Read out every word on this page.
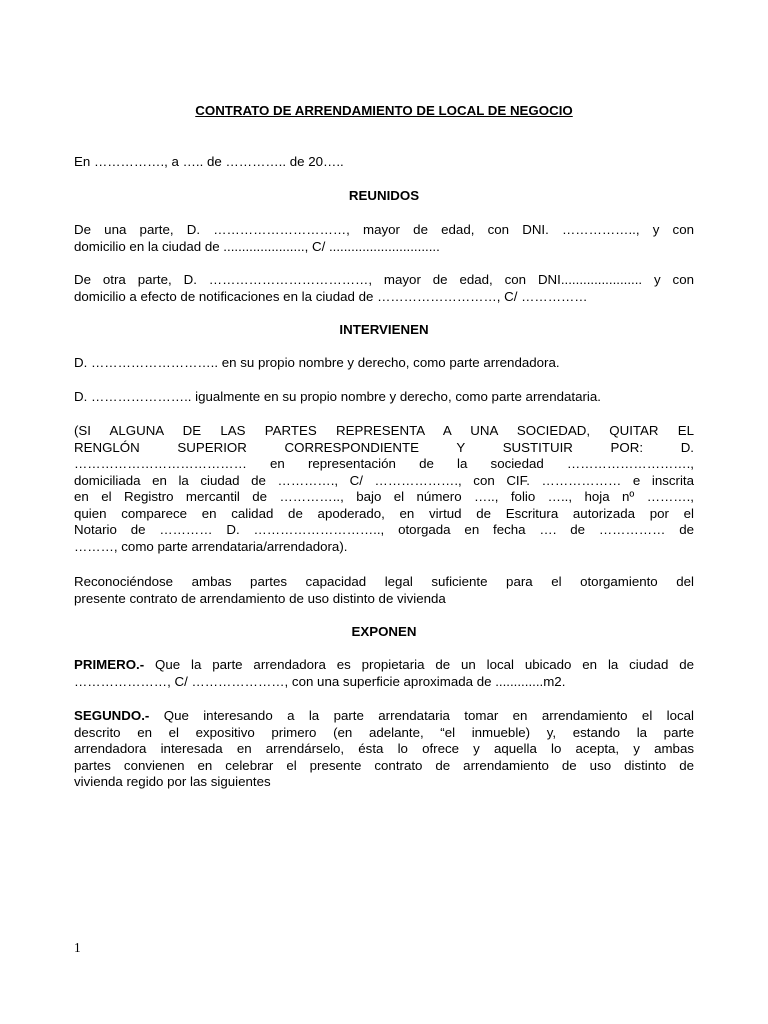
CONTRATO DE ARRENDAMIENTO DE LOCAL DE NEGOCIO
En ……………., a ….. de ………….. de 20…..
REUNIDOS
De una parte, D. …………………………, mayor de edad, con DNI. …………….., y con
domicilio en la ciudad de ......................, C/ ..............................
De otra parte, D. ………………………………, mayor de edad, con DNI...................... y con
domicilio a efecto de notificaciones en la ciudad de ………………………, C/ ……………
INTERVIENEN
D. ……………………….. en su propio nombre y derecho, como parte arrendadora.
D. ………………….. igualmente en su propio nombre y derecho, como parte arrendataria.
(SI ALGUNA DE LAS PARTES REPRESENTA A UNA SOCIEDAD, QUITAR EL
RENGLÓN SUPERIOR CORRESPONDIENTE Y SUSTITUIR POR: D.
………………………………… en representación de la sociedad ……………………….,
domiciliada en la ciudad de …………., C/ ………………., con CIF. ……………… e inscrita
en el Registro mercantil de ………….., bajo el número ….., folio ….., hoja nº ……….,
quien comparece en calidad de apoderado, en virtud de Escritura autorizada por el
Notario de ………… D. ……………………….., otorgada en fecha …. de …………… de
………, como parte arrendataria/arrendadora).
Reconociéndose ambas partes capacidad legal suficiente para el otorgamiento del
presente contrato de arrendamiento de uso distinto de vivienda
EXPONEN
PRIMERO.- Que la parte arrendadora es propietaria de un local ubicado en la ciudad de
…………………, C/ …………………, con una superficie aproximada de .............m2.
SEGUNDO.- Que interesando a la parte arrendataria tomar en arrendamiento el local
descrito en el expositivo primero (en adelante, “el inmueble) y, estando la parte
arrendadora interesada en arrendárselo, ésta lo ofrece y aquella lo acepta, y ambas
partes convienen en celebrar el presente contrato de arrendamiento de uso distinto de
vivienda regido por las siguientes
1
